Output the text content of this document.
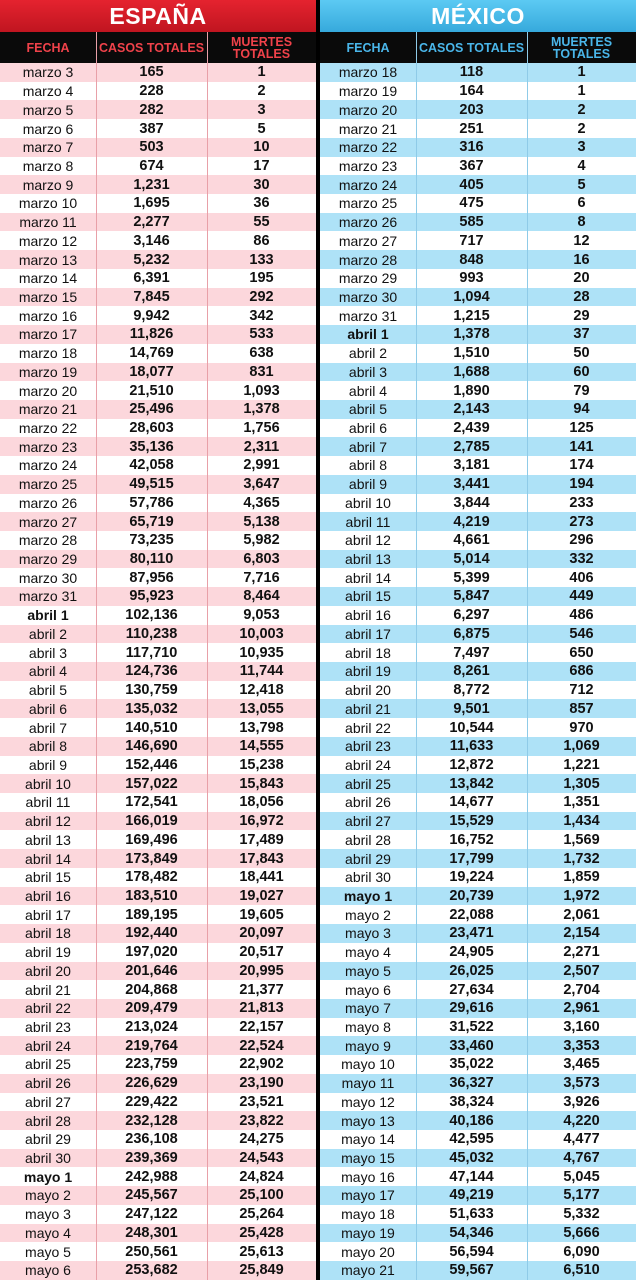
ESPAÑA
FECHA	CASOS TOTALES	MUERTES TOTALES
marzo 3	165	1
marzo 4	228	2
marzo 5	282	3
marzo 6	387	5
marzo 7	503	10
marzo 8	674	17
marzo 9	1,231	30
marzo 10	1,695	36
marzo 11	2,277	55
marzo 12	3,146	86
marzo 13	5,232	133
marzo 14	6,391	195
marzo 15	7,845	292
marzo 16	9,942	342
marzo 17	11,826	533
marzo 18	14,769	638
marzo 19	18,077	831
marzo 20	21,510	1,093
marzo 21	25,496	1,378
marzo 22	28,603	1,756
marzo 23	35,136	2,311
marzo 24	42,058	2,991
marzo 25	49,515	3,647
marzo 26	57,786	4,365
marzo 27	65,719	5,138
marzo 28	73,235	5,982
marzo 29	80,110	6,803
marzo 30	87,956	7,716
marzo 31	95,923	8,464
abril 1	102,136	9,053
abril 2	110,238	10,003
abril 3	117,710	10,935
abril 4	124,736	11,744
abril 5	130,759	12,418
abril 6	135,032	13,055
abril 7	140,510	13,798
abril 8	146,690	14,555
abril 9	152,446	15,238
abril 10	157,022	15,843
abril 11	172,541	18,056
abril 12	166,019	16,972
abril 13	169,496	17,489
abril 14	173,849	17,843
abril 15	178,482	18,441
abril 16	183,510	19,027
abril 17	189,195	19,605
abril 18	192,440	20,097
abril 19	197,020	20,517
abril 20	201,646	20,995
abril 21	204,868	21,377
abril 22	209,479	21,813
abril 23	213,024	22,157
abril 24	219,764	22,524
abril 25	223,759	22,902
abril 26	226,629	23,190
abril 27	229,422	23,521
abril 28	232,128	23,822
abril 29	236,108	24,275
abril 30	239,369	24,543
mayo 1	242,988	24,824
mayo 2	245,567	25,100
mayo 3	247,122	25,264
mayo 4	248,301	25,428
mayo 5	250,561	25,613
mayo 6	253,682	25,849
MÉXICO
FECHA	CASOS TOTALES	MUERTES TOTALES
marzo 18	118	1
marzo 19	164	1
marzo 20	203	2
marzo 21	251	2
marzo 22	316	3
marzo 23	367	4
marzo 24	405	5
marzo 25	475	6
marzo 26	585	8
marzo 27	717	12
marzo 28	848	16
marzo 29	993	20
marzo 30	1,094	28
marzo 31	1,215	29
abril 1	1,378	37
abril 2	1,510	50
abril 3	1,688	60
abril 4	1,890	79
abril 5	2,143	94
abril 6	2,439	125
abril 7	2,785	141
abril 8	3,181	174
abril 9	3,441	194
abril 10	3,844	233
abril 11	4,219	273
abril 12	4,661	296
abril 13	5,014	332
abril 14	5,399	406
abril 15	5,847	449
abril 16	6,297	486
abril 17	6,875	546
abril 18	7,497	650
abril 19	8,261	686
abril 20	8,772	712
abril 21	9,501	857
abril 22	10,544	970
abril 23	11,633	1,069
abril 24	12,872	1,221
abril 25	13,842	1,305
abril 26	14,677	1,351
abril 27	15,529	1,434
abril 28	16,752	1,569
abril 29	17,799	1,732
abril 30	19,224	1,859
mayo 1	20,739	1,972
mayo 2	22,088	2,061
mayo 3	23,471	2,154
mayo 4	24,905	2,271
mayo 5	26,025	2,507
mayo 6	27,634	2,704
mayo 7	29,616	2,961
mayo 8	31,522	3,160
mayo 9	33,460	3,353
mayo 10	35,022	3,465
mayo 11	36,327	3,573
mayo 12	38,324	3,926
mayo 13	40,186	4,220
mayo 14	42,595	4,477
mayo 15	45,032	4,767
mayo 16	47,144	5,045
mayo 17	49,219	5,177
mayo 18	51,633	5,332
mayo 19	54,346	5,666
mayo 20	56,594	6,090
mayo 21	59,567	6,510
